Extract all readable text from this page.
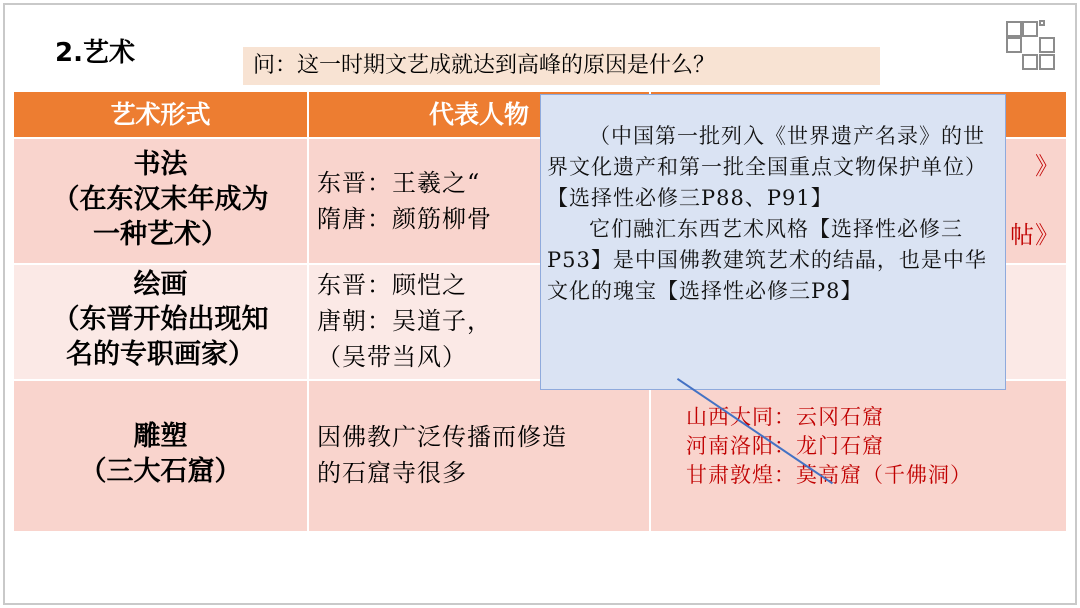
2.艺术	问：这一时期文艺成就达到高峰的原因是什么？
艺术形式	代表人物
书法
（在东汉末年成为
一种艺术）
东晋：王羲之“
隋唐：颜筋柳骨
》
帖》
绘画
（东晋开始出现知
名的专职画家）
东晋：顾恺之
唐朝：吴道子，
（吴带当风）
雕塑
（三大石窟）
因佛教广泛传播而修造
的石窟寺很多
山西大同：云冈石窟
河南洛阳：龙门石窟
甘肃敦煌：莫高窟（千佛洞）

（中国第一批列入《世界遗产名录》的世界文化遗产和第一批全国重点文物保护单位）【选择性必修三P88、P91】

它们融汇东西艺术风格【选择性必修三P53】是中国佛教建筑艺术的结晶，也是中华文化的瑰宝【选择性必修三P8】
